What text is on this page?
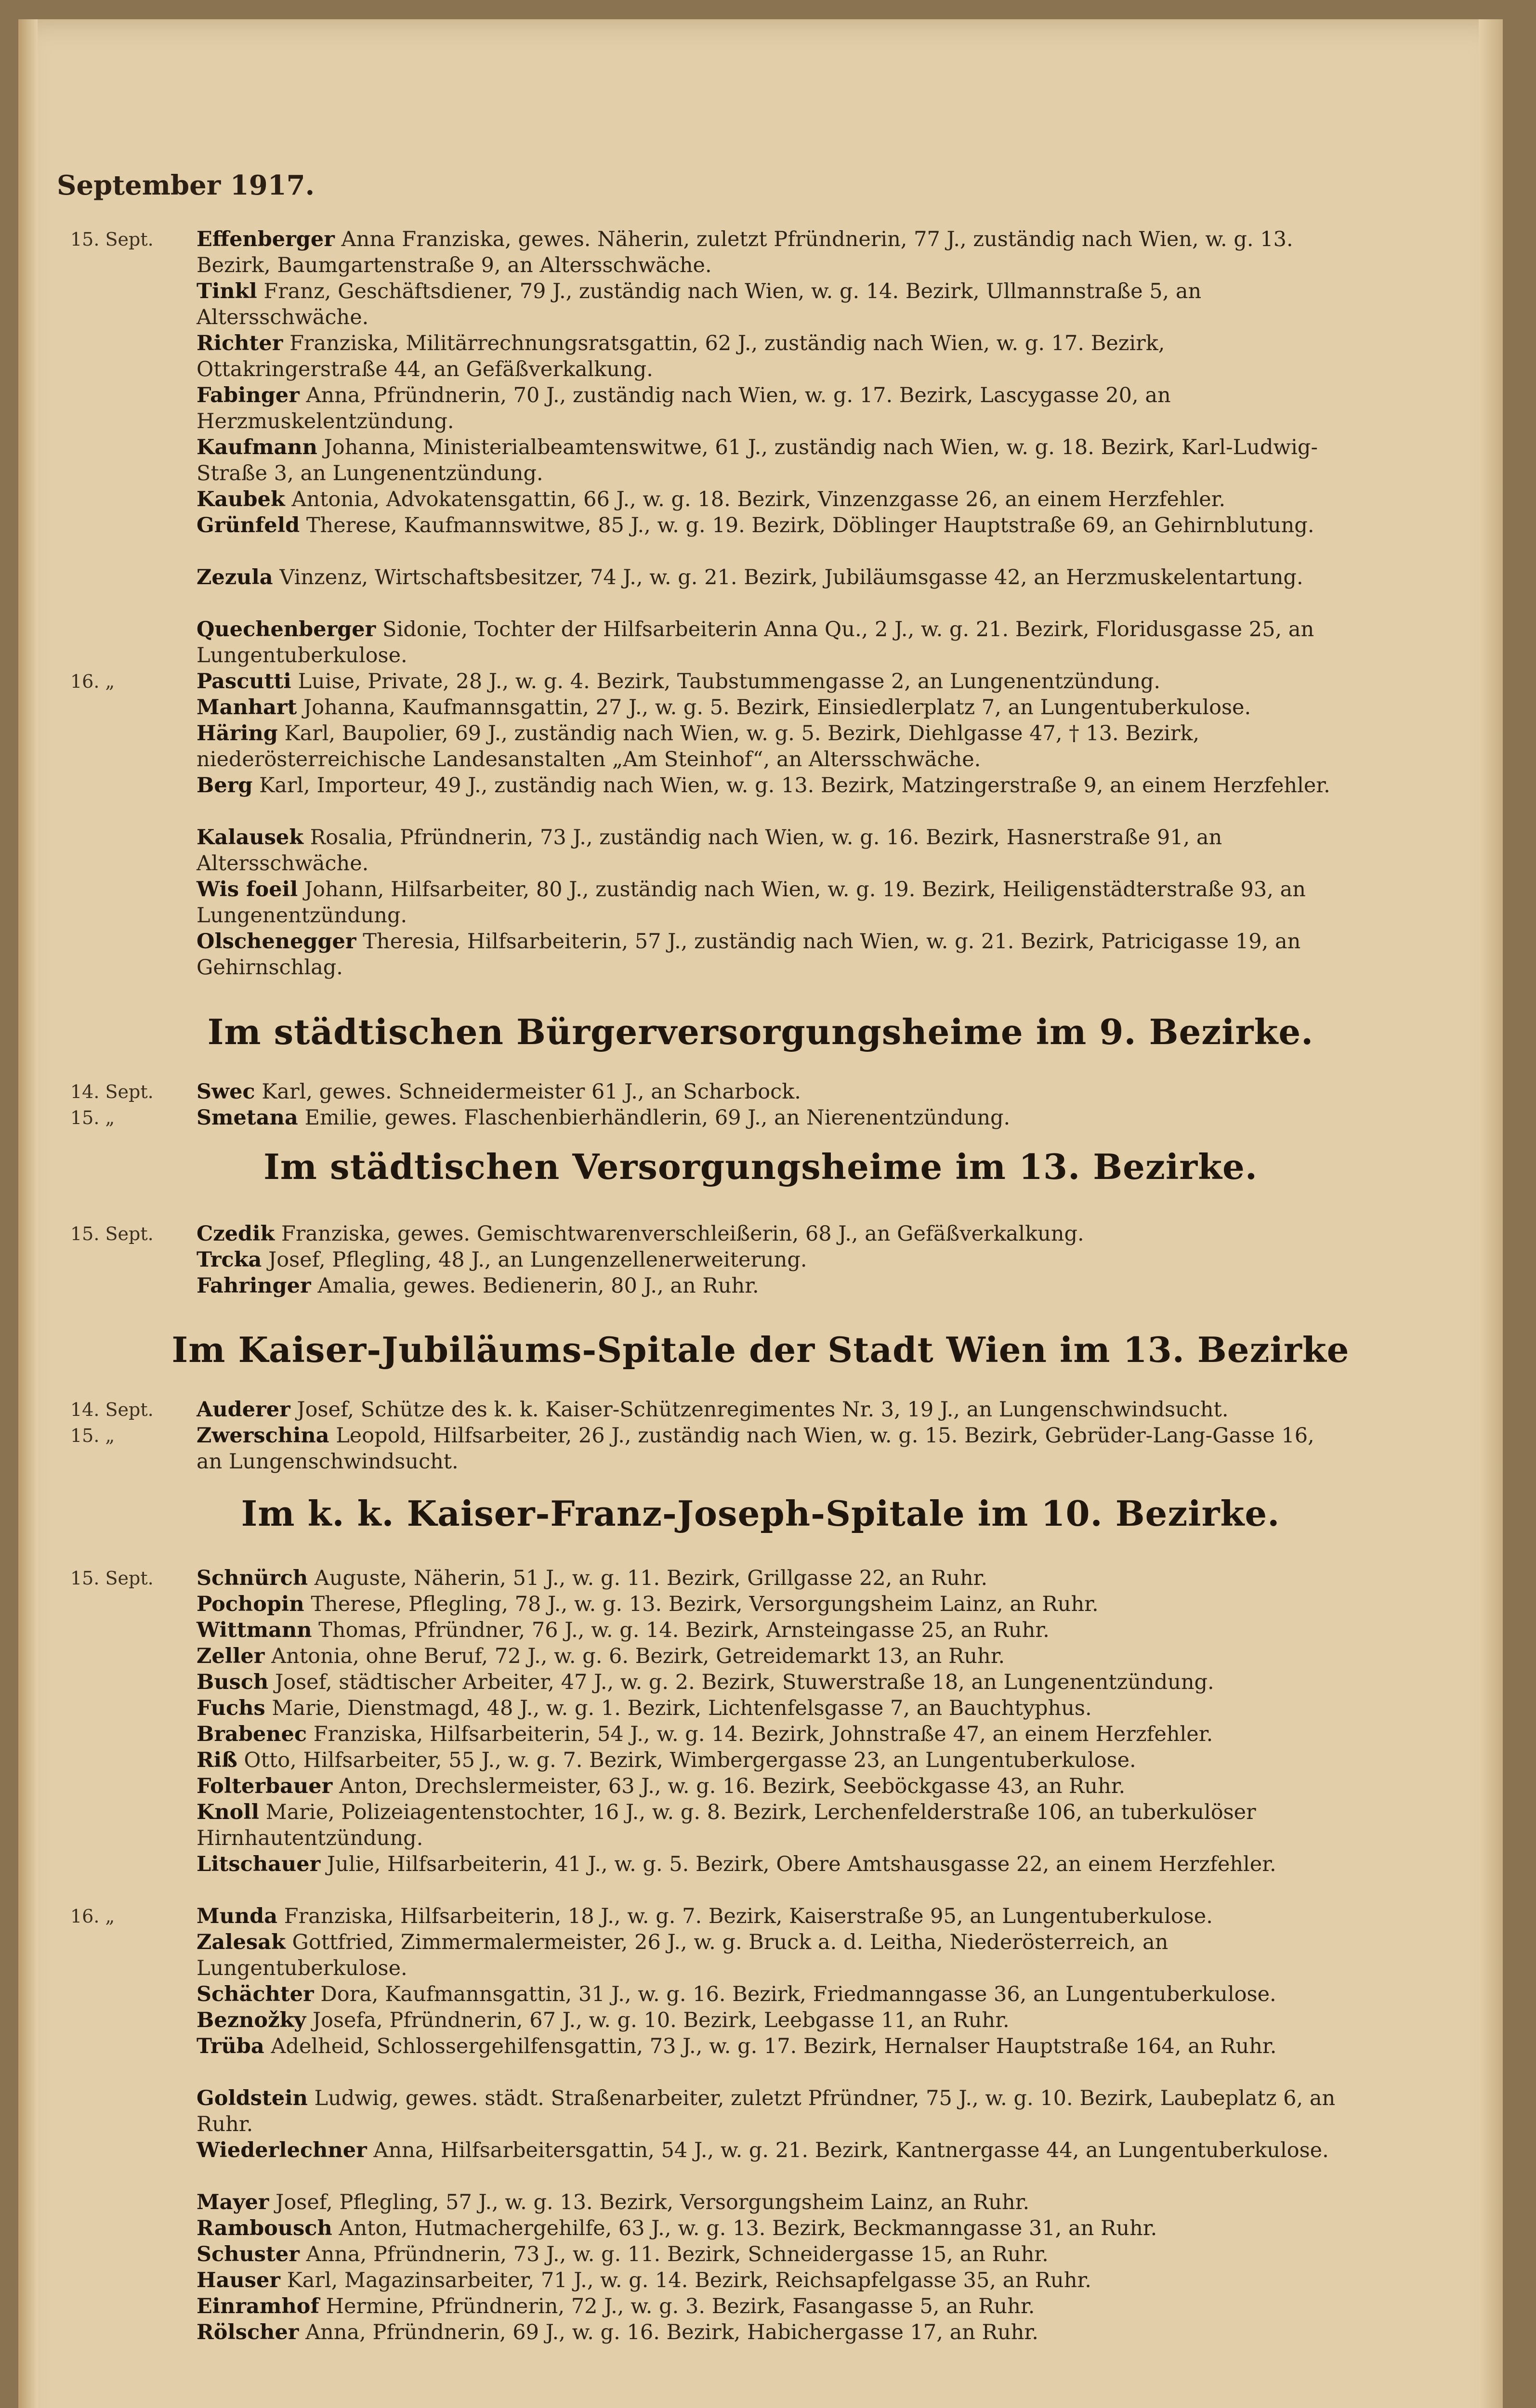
September 1917.
15. Sept.	Effenberger Anna Franziska, gewes. Näherin, zuletzt Pfründnerin, 77 J., zuständig nach Wien, w. g. 13. Bezirk, Baumgartenstraße 9, an Altersschwäche.
Tinkl Franz, Geschäftsdiener, 79 J., zuständig nach Wien, w. g. 14. Bezirk, Ullmannstraße 5, an Altersschwäche.
Richter Franziska, Militärrechnungsratsgattin, 62 J., zuständig nach Wien, w. g. 17. Bezirk, Ottakringerstraße 44, an Gefäßverkalkung.
Fabinger Anna, Pfründnerin, 70 J., zuständig nach Wien, w. g. 17. Bezirk, Lascygasse 20, an Herzmuskelentzündung.
Kaufmann Johanna, Ministerialbeamtenswitwe, 61 J., zuständig nach Wien, w. g. 18. Bezirk, Karl-Ludwig-Straße 3, an Lungenentzündung.
Kaubek Antonia, Advokatensgattin, 66 J., w. g. 18. Bezirk, Vinzenzgasse 26, an einem Herzfehler.
Grünfeld Therese, Kaufmannswitwe, 85 J., w. g. 19. Bezirk, Döblinger Hauptstraße 69, an Gehirnblutung.
Zezula Vinzenz, Wirtschaftsbesitzer, 74 J., w. g. 21. Bezirk, Jubiläumsgasse 42, an Herzmuskelentartung.
Quechenberger Sidonie, Tochter der Hilfsarbeiterin Anna Qu., 2 J., w. g. 21. Bezirk, Floridusgasse 25, an Lungentuberkulose.
16. „	Pascutti Luise, Private, 28 J., w. g. 4. Bezirk, Taubstummengasse 2, an Lungenentzündung.
Manhart Johanna, Kaufmannsgattin, 27 J., w. g. 5. Bezirk, Einsiedlerplatz 7, an Lungentuberkulose.
Häring Karl, Baupolier, 69 J., zuständig nach Wien, w. g. 5. Bezirk, Diehlgasse 47, † 13. Bezirk, niederösterreichische Landesanstalten „Am Steinhof“, an Altersschwäche.
Berg Karl, Importeur, 49 J., zuständig nach Wien, w. g. 13. Bezirk, Matzingerstraße 9, an einem Herzfehler.
Kalausek Rosalia, Pfründnerin, 73 J., zuständig nach Wien, w. g. 16. Bezirk, Hasnerstraße 91, an Altersschwäche.
Wis foeil Johann, Hilfsarbeiter, 80 J., zuständig nach Wien, w. g. 19. Bezirk, Heiligenstädterstraße 93, an Lungenentzündung.
Olschenegger Theresia, Hilfsarbeiterin, 57 J., zuständig nach Wien, w. g. 21. Bezirk, Patricigasse 19, an Gehirnschlag.
Im städtischen Bürgerversorgungsheime im 9. Bezirke.
14. Sept.	Swec Karl, gewes. Schneidermeister 61 J., an Scharbock.
15. „	Smetana Emilie, gewes. Flaschenbierhändlerin, 69 J., an Nierenentzündung.
Im städtischen Versorgungsheime im 13. Bezirke.
15. Sept.	Czedik Franziska, gewes. Gemischtwarenverschleißerin, 68 J., an Gefäßverkalkung.
Trcka Josef, Pflegling, 48 J., an Lungenzellenerweiterung.
Fahringer Amalia, gewes. Bedienerin, 80 J., an Ruhr.
Im Kaiser-Jubiläums-Spitale der Stadt Wien im 13. Bezirke
14. Sept.	Auderer Josef, Schütze des k. k. Kaiser-Schützenregimentes Nr. 3, 19 J., an Lungenschwindsucht.
15. „	Zwerschina Leopold, Hilfsarbeiter, 26 J., zuständig nach Wien, w. g. 15. Bezirk, Gebrüder-Lang-Gasse 16, an Lungenschwindsucht.
Im k. k. Kaiser-Franz-Joseph-Spitale im 10. Bezirke.
15. Sept.	Schnürch Auguste, Näherin, 51 J., w. g. 11. Bezirk, Grillgasse 22, an Ruhr.
Pochopin Therese, Pflegling, 78 J., w. g. 13. Bezirk, Versorgungsheim Lainz, an Ruhr.
Wittmann Thomas, Pfründner, 76 J., w. g. 14. Bezirk, Arnsteingasse 25, an Ruhr.
Zeller Antonia, ohne Beruf, 72 J., w. g. 6. Bezirk, Getreidemarkt 13, an Ruhr.
Busch Josef, städtischer Arbeiter, 47 J., w. g. 2. Bezirk, Stuwerstraße 18, an Lungenentzündung.
Fuchs Marie, Dienstmagd, 48 J., w. g. 1. Bezirk, Lichtenfelsgasse 7, an Bauchtyphus.
Brabenec Franziska, Hilfsarbeiterin, 54 J., w. g. 14. Bezirk, Johnstraße 47, an einem Herzfehler.
Riß Otto, Hilfsarbeiter, 55 J., w. g. 7. Bezirk, Wimbergergasse 23, an Lungentuberkulose.
Folterbauer Anton, Drechslermeister, 63 J., w. g. 16. Bezirk, Seeböckgasse 43, an Ruhr.
Knoll Marie, Polizeiagentenstochter, 16 J., w. g. 8. Bezirk, Lerchenfelderstraße 106, an tuberkulöser Hirnhautentzündung.
Litschauer Julie, Hilfsarbeiterin, 41 J., w. g. 5. Bezirk, Obere Amtshausgasse 22, an einem Herzfehler.
16. „	Munda Franziska, Hilfsarbeiterin, 18 J., w. g. 7. Bezirk, Kaiserstraße 95, an Lungentuberkulose.
Zalesak Gottfried, Zimmermalermeister, 26 J., w. g. Bruck a. d. Leitha, Niederösterreich, an Lungentuberkulose.
Schächter Dora, Kaufmannsgattin, 31 J., w. g. 16. Bezirk, Friedmanngasse 36, an Lungentuberkulose.
Beznožky Josefa, Pfründnerin, 67 J., w. g. 10. Bezirk, Leebgasse 11, an Ruhr.
Trüba Adelheid, Schlossergehilfensgattin, 73 J., w. g. 17. Bezirk, Hernalser Hauptstraße 164, an Ruhr.
Goldstein Ludwig, gewes. städt. Straßenarbeiter, zuletzt Pfründner, 75 J., w. g. 10. Bezirk, Laubeplatz 6, an Ruhr.
Wiederlechner Anna, Hilfsarbeitersgattin, 54 J., w. g. 21. Bezirk, Kantnergasse 44, an Lungentuberkulose.
Mayer Josef, Pflegling, 57 J., w. g. 13. Bezirk, Versorgungsheim Lainz, an Ruhr.
Rambousch Anton, Hutmachergehilfe, 63 J., w. g. 13. Bezirk, Beckmanngasse 31, an Ruhr.
Schuster Anna, Pfründnerin, 73 J., w. g. 11. Bezirk, Schneidergasse 15, an Ruhr.
Hauser Karl, Magazinsarbeiter, 71 J., w. g. 14. Bezirk, Reichsapfelgasse 35, an Ruhr.
Einramhof Hermine, Pfründnerin, 72 J., w. g. 3. Bezirk, Fasangasse 5, an Ruhr.
Rölscher Anna, Pfründnerin, 69 J., w. g. 16. Bezirk, Habichergasse 17, an Ruhr.
